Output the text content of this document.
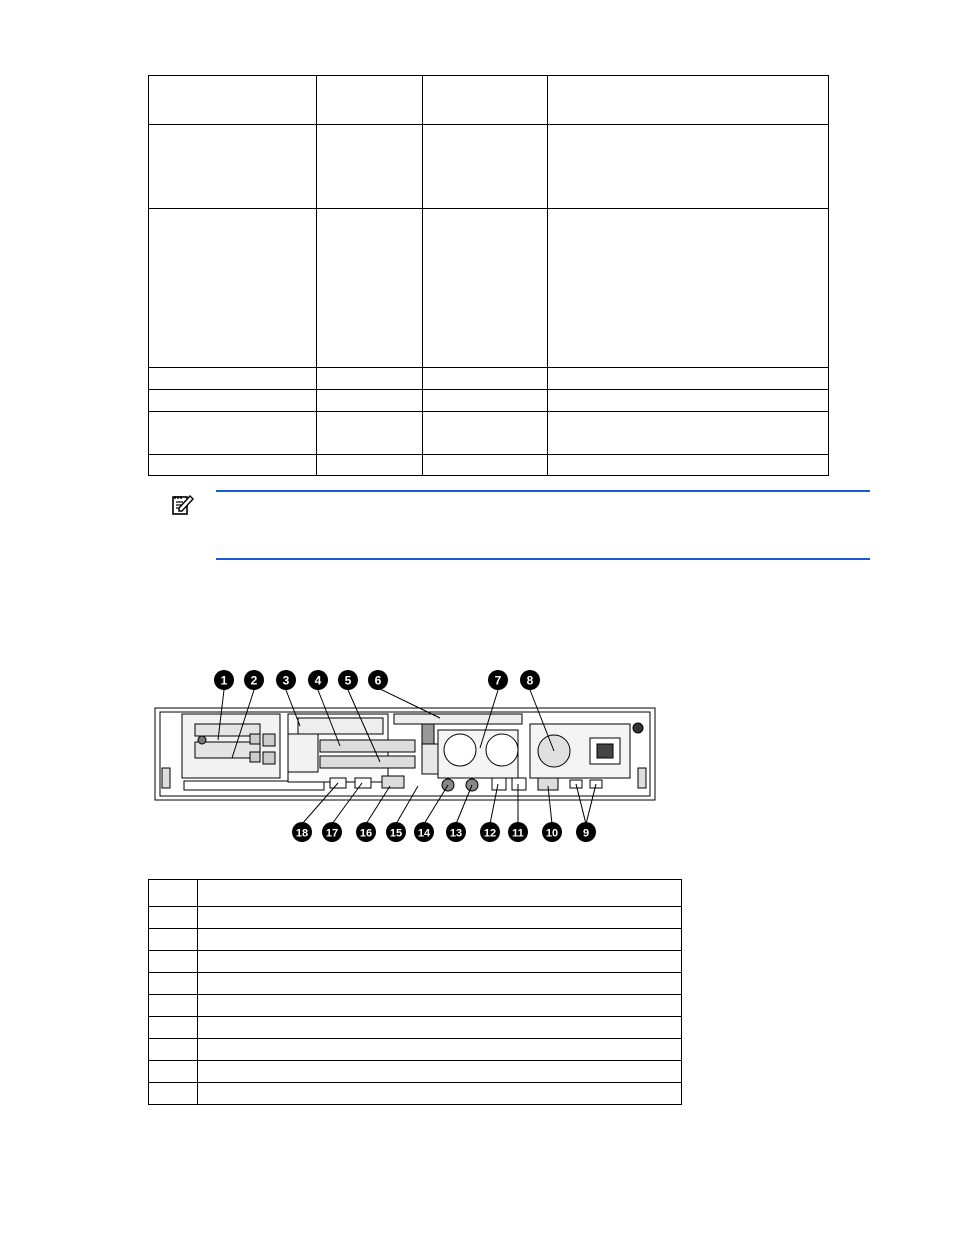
1 2 3 4 5 6	7 8
18 17 16 15 14 13 12 11 10 9
